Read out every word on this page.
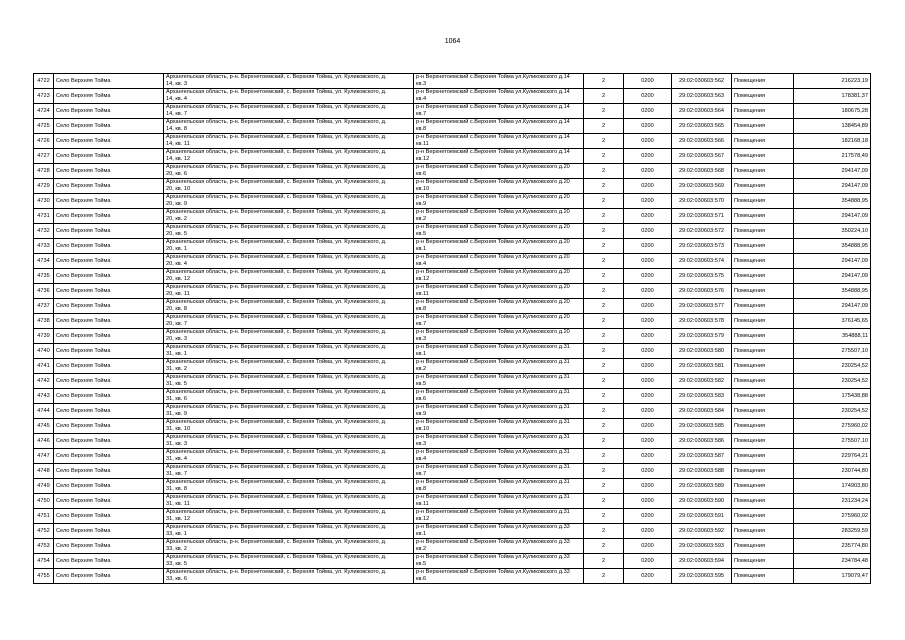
1064
4722	Село Верхняя Тойма	Архангельская область, р-н. Верхнетоемский, с. Верхняя Тойма, ул. Куликовского, д.
14, кв. 3	р-н Верхнетоемский с.Верхняя Тойма ул.Куликовского д.14
кв.3	2	0200	29:02:030603:562	Помещения	216223,19
4723	Село Верхняя Тойма	Архангельская область, р-н. Верхнетоемский, с. Верхняя Тойма, ул. Куликовского, д.
14, кв. 4	р-н Верхнетоемский с.Верхняя Тойма ул.Куликовского д.14
кв.4	2	0200	29:02:030603:563	Помещения	178381,37
4724	Село Верхняя Тойма	Архангельская область, р-н. Верхнетоемский, с. Верхняя Тойма, ул. Куликовского, д.
14, кв. 7	р-н Верхнетоемский с.Верхняя Тойма ул.Куликовского д.14
кв.7	2	0200	29:02:030603:564	Помещения	180675,28
4725	Село Верхняя Тойма	Архангельская область, р-н. Верхнетоемский, с. Верхняя Тойма, ул. Куликовского, д.
14, кв. 8	р-н Верхнетоемский с.Верхняя Тойма ул.Куликовского д.14
кв.8	2	0200	29:02:030603:565	Помещения	138454,89
4726	Село Верхняя Тойма	Архангельская область, р-н. Верхнетоемский, с. Верхняя Тойма, ул. Куликовского, д.
14, кв. 11	р-н Верхнетоемский с.Верхняя Тойма ул.Куликовского д.14
кв.11	2	0200	29:02:030603:566	Помещения	182168,18
4727	Село Верхняя Тойма	Архангельская область, р-н. Верхнетоемский, с. Верхняя Тойма, ул. Куликовского, д.
14, кв. 12	р-н Верхнетоемский с.Верхняя Тойма ул.Куликовского д.14
кв.12	2	0200	29:02:030603:567	Помещения	217578,49
4728	Село Верхняя Тойма	Архангельская область, р-н. Верхнетоемский, с. Верхняя Тойма, ул. Куликовского, д.
20, кв. 6	р-н Верхнетоемский с.Верхняя Тойма ул.Куликовского д.20
кв.6	2	0200	29:02:030603:568	Помещения	294147,09
4729	Село Верхняя Тойма	Архангельская область, р-н. Верхнетоемский, с. Верхняя Тойма, ул. Куликовского, д.
20, кв. 10	р-н Верхнетоемский с.Верхняя Тойма ул.Куликовского д.20
кв.10	2	0200	29:02:030603:569	Помещения	294147,09
4730	Село Верхняя Тойма	Архангельская область, р-н. Верхнетоемский, с. Верхняя Тойма, ул. Куликовского, д.
20, кв. 9	р-н Верхнетоемский с.Верхняя Тойма ул.Куликовского д.20
кв.9	2	0200	29:02:030603:570	Помещения	354888,95
4731	Село Верхняя Тойма	Архангельская область, р-н. Верхнетоемский, с. Верхняя Тойма, ул. Куликовского, д.
20, кв. 2	р-н Верхнетоемский с.Верхняя Тойма ул.Куликовского д.20
кв.2	2	0200	29:02:030603:571	Помещения	294147,09
4732	Село Верхняя Тойма	Архангельская область, р-н. Верхнетоемский, с. Верхняя Тойма, ул. Куликовского, д.
20, кв. 5	р-н Верхнетоемский с.Верхняя Тойма ул.Куликовского д.20
кв.5	2	0200	29:02:030603:572	Помещения	350224,10
4733	Село Верхняя Тойма	Архангельская область, р-н. Верхнетоемский, с. Верхняя Тойма, ул. Куликовского, д.
20, кв. 1	р-н Верхнетоемский с.Верхняя Тойма ул.Куликовского д.20
кв.1	2	0200	29:02:030603:573	Помещения	354888,95
4734	Село Верхняя Тойма	Архангельская область, р-н. Верхнетоемский, с. Верхняя Тойма, ул. Куликовского, д.
20, кв. 4	р-н Верхнетоемский с.Верхняя Тойма ул.Куликовского д.20
кв.4	2	0200	29:02:030603:574	Помещения	294147,09
4735	Село Верхняя Тойма	Архангельская область, р-н. Верхнетоемский, с. Верхняя Тойма, ул. Куликовского, д.
20, кв. 12	р-н Верхнетоемский с.Верхняя Тойма ул.Куликовского д.20
кв.12	2	0200	29:02:030603:575	Помещения	294147,09
4736	Село Верхняя Тойма	Архангельская область, р-н. Верхнетоемский, с. Верхняя Тойма, ул. Куликовского, д.
20, кв. 11	р-н Верхнетоемский с.Верхняя Тойма ул.Куликовского д.20
кв.11	2	0200	29:02:030603:576	Помещения	354888,95
4737	Село Верхняя Тойма	Архангельская область, р-н. Верхнетоемский, с. Верхняя Тойма, ул. Куликовского, д.
20, кв. 8	р-н Верхнетоемский с.Верхняя Тойма ул.Куликовского д.20
кв.8	2	0200	29:02:030603:577	Помещения	294147,09
4738	Село Верхняя Тойма	Архангельская область, р-н. Верхнетоемский, с. Верхняя Тойма, ул. Куликовского, д.
20, кв. 7	р-н Верхнетоемский с.Верхняя Тойма ул.Куликовского д.20
кв.7	2	0200	29:02:030603:578	Помещения	376145,65
4739	Село Верхняя Тойма	Архангельская область, р-н. Верхнетоемский, с. Верхняя Тойма, ул. Куликовского, д.
20, кв. 3	р-н Верхнетоемский с.Верхняя Тойма ул.Куликовского д.20
кв.3	2	0200	29:02:030603:579	Помещения	354888,11
4740	Село Верхняя Тойма	Архангельская область, р-н. Верхнетоемский, с. Верхняя Тойма, ул. Куликовского, д.
31, кв. 1	р-н Верхнетоемский с.Верхняя Тойма ул.Куликовского д.31
кв.1	2	0200	29:02:030603:580	Помещения	275507,10
4741	Село Верхняя Тойма	Архангельская область, р-н. Верхнетоемский, с. Верхняя Тойма, ул. Куликовского, д.
31, кв. 2	р-н Верхнетоемский с.Верхняя Тойма ул.Куликовского д.31
кв.2	2	0200	29:02:030603:581	Помещения	230254,52
4742	Село Верхняя Тойма	Архангельская область, р-н. Верхнетоемский, с. Верхняя Тойма, ул. Куликовского, д.
31, кв. 5	р-н Верхнетоемский с.Верхняя Тойма ул.Куликовского д.31
кв.5	2	0200	29:02:030603:582	Помещения	230254,52
4743	Село Верхняя Тойма	Архангельская область, р-н. Верхнетоемский, с. Верхняя Тойма, ул. Куликовского, д.
31, кв. 6	р-н Верхнетоемский с.Верхняя Тойма ул.Куликовского д.31
кв.6	2	0200	29:02:030603:583	Помещения	175438,88
4744	Село Верхняя Тойма	Архангельская область, р-н. Верхнетоемский, с. Верхняя Тойма, ул. Куликовского, д.
31, кв. 9	р-н Верхнетоемский с.Верхняя Тойма ул.Куликовского д.31
кв.9	2	0200	29:02:030603:584	Помещения	230254,52
4745	Село Верхняя Тойма	Архангельская область, р-н. Верхнетоемский, с. Верхняя Тойма, ул. Куликовского, д.
31, кв. 10	р-н Верхнетоемский с.Верхняя Тойма ул.Куликовского д.31
кв.10	2	0200	29:02:030603:585	Помещения	275960,02
4746	Село Верхняя Тойма	Архангельская область, р-н. Верхнетоемский, с. Верхняя Тойма, ул. Куликовского, д.
31, кв. 3	р-н Верхнетоемский с.Верхняя Тойма ул.Куликовского д.31
кв.3	2	0200	29:02:030603:586	Помещения	275507,10
4747	Село Верхняя Тойма	Архангельская область, р-н. Верхнетоемский, с. Верхняя Тойма, ул. Куликовского, д.
31, кв. 4	р-н Верхнетоемский с.Верхняя Тойма ул.Куликовского д.31
кв.4	2	0200	29:02:030603:587	Помещения	229764,21
4748	Село Верхняя Тойма	Архангельская область, р-н. Верхнетоемский, с. Верхняя Тойма, ул. Куликовского, д.
31, кв. 7	р-н Верхнетоемский с.Верхняя Тойма ул.Куликовского д.31
кв.7	2	0200	29:02:030603:588	Помещения	230744,80
4749	Село Верхняя Тойма	Архангельская область, р-н. Верхнетоемский, с. Верхняя Тойма, ул. Куликовского, д.
31, кв. 8	р-н Верхнетоемский с.Верхняя Тойма ул.Куликовского д.31
кв.8	2	0200	29:02:030603:589	Помещения	174903,80
4750	Село Верхняя Тойма	Архангельская область, р-н. Верхнетоемский, с. Верхняя Тойма, ул. Куликовского, д.
31, кв. 11	р-н Верхнетоемский с.Верхняя Тойма ул.Куликовского д.31
кв.11	2	0200	29:02:030603:590	Помещения	231234,24
4751	Село Верхняя Тойма	Архангельская область, р-н. Верхнетоемский, с. Верхняя Тойма, ул. Куликовского, д.
31, кв. 12	р-н Верхнетоемский с.Верхняя Тойма ул.Куликовского д.31
кв.12	2	0200	29:02:030603:591	Помещения	275960,02
4752	Село Верхняя Тойма	Архангельская область, р-н. Верхнетоемский, с. Верхняя Тойма, ул. Куликовского, д.
33, кв. 1	р-н Верхнетоемский с.Верхняя Тойма ул.Куликовского д.33
кв.1	2	0200	29:02:030603:592	Помещения	283259,59
4753	Село Верхняя Тойма	Архангельская область, р-н. Верхнетоемский, с. Верхняя Тойма, ул. Куликовского, д.
33, кв. 2	р-н Верхнетоемский с.Верхняя Тойма ул.Куликовского д.33
кв.2	2	0200	29:02:030603:593	Помещения	235774,80
4754	Село Верхняя Тойма	Архангельская область, р-н. Верхнетоемский, с. Верхняя Тойма, ул. Куликовского, д.
33, кв. 5	р-н Верхнетоемский с.Верхняя Тойма ул.Куликовского д.33
кв.5	2	0200	29:02:030603:594	Помещения	234784,48
4755	Село Верхняя Тойма	Архангельская область, р-н. Верхнетоемский, с. Верхняя Тойма, ул. Куликовского, д.
33, кв. 6	р-н Верхнетоемский с.Верхняя Тойма ул.Куликовского д.33
кв.6	2	0200	29:02:030603:595	Помещения	179079,47
